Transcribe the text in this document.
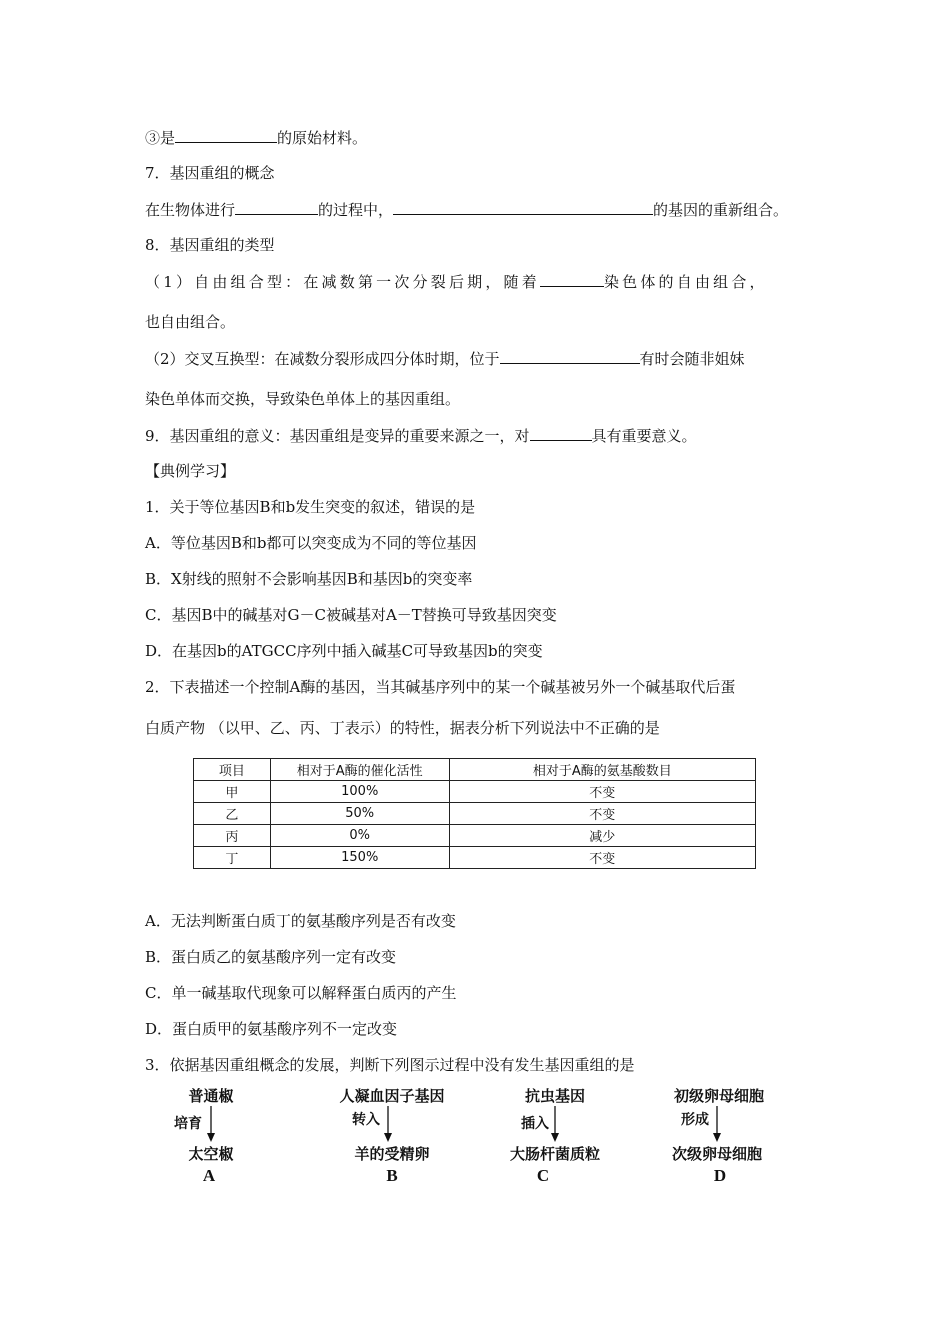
③是	的原始材料。
7．基因重组的概念
在生物体进行	的过程中，	的基因的重新组合。
8．基因重组的类型
（1）自由组合型：在减数第一次分裂后期，随着	染色体的自由组合，
也自由组合。
（2）交叉互换型：在减数分裂形成四分体时期，位于	有时会随非姐妹
染色单体而交换，导致染色单体上的基因重组。
9．基因重组的意义：基因重组是变异的重要来源之一，对	具有重要意义。
【典例学习】
1．关于等位基因B和b发生突变的叙述，错误的是
A．等位基因B和b都可以突变成为不同的等位基因
B．X射线的照射不会影响基因B和基因b的突变率
C．基因B中的碱基对G－C被碱基对A－T替换可导致基因突变
D．在基因b的ATGCC序列中插入碱基C可导致基因b的突变
2．下表描述一个控制A酶的基因，当其碱基序列中的某一个碱基被另外一个碱基取代后蛋
白质产物 （以甲、乙、丙、丁表示）的特性，据表分析下列说法中不正确的是
项目	相对于A酶的催化活性	相对于A酶的氨基酸数目
甲	100%	不变
乙	50%	不变
丙	0%	减少
丁	150%	不变
A．无法判断蛋白质丁的氨基酸序列是否有改变
B．蛋白质乙的氨基酸序列一定有改变
C．单一碱基取代现象可以解释蛋白质丙的产生
D．蛋白质甲的氨基酸序列不一定改变
3．依据基因重组概念的发展，判断下列图示过程中没有发生基因重组的是
普通椒
培育
太空椒
A
人凝血因子基因
转入
羊的受精卵
B
抗虫基因
插入
大肠杆菌质粒
C
初级卵母细胞
形成
次级卵母细胞
D
